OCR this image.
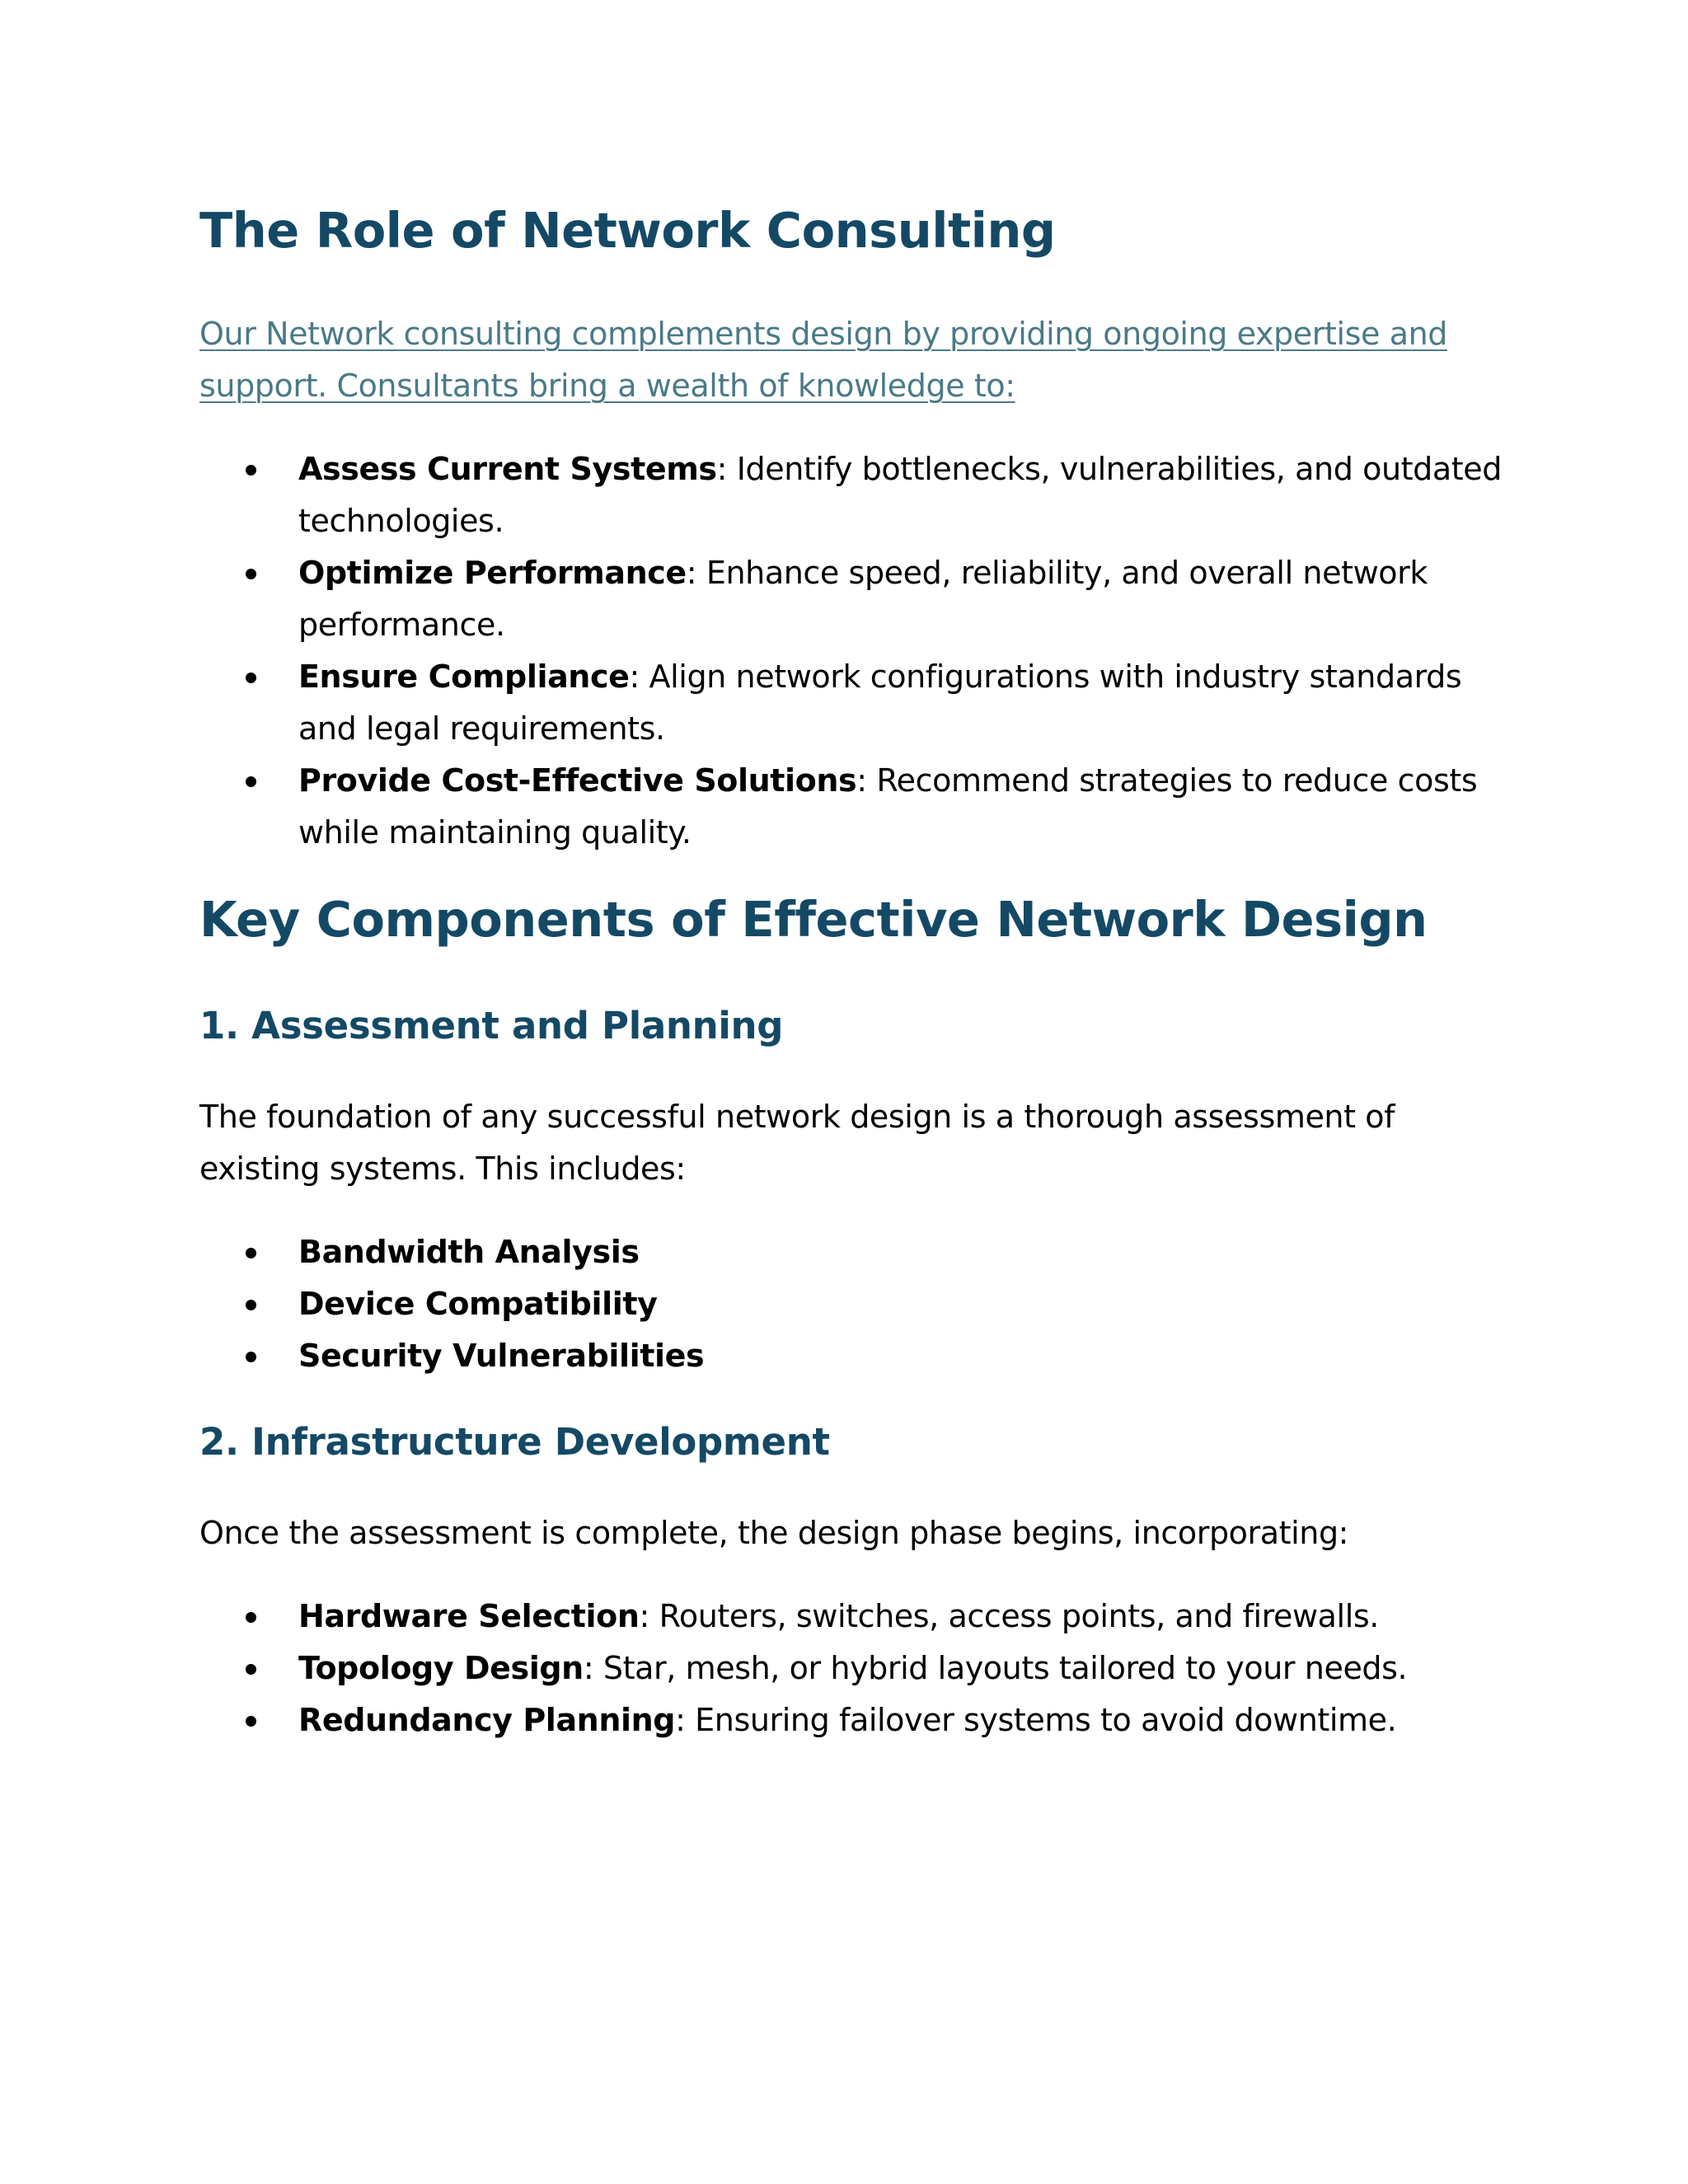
The Role of Network Consulting

Our Network consulting complements design by providing ongoing expertise and support. Consultants bring a wealth of knowledge to:

Assess Current Systems: Identify bottlenecks, vulnerabilities, and outdated technologies.
Optimize Performance: Enhance speed, reliability, and overall network performance.
Ensure Compliance: Align network configurations with industry standards and legal requirements.
Provide Cost-Effective Solutions: Recommend strategies to reduce costs while maintaining quality.
Key Components of Effective Network Design
1. Assessment and Planning

The foundation of any successful network design is a thorough assessment of existing systems. This includes:

Bandwidth Analysis
Device Compatibility
Security Vulnerabilities
2. Infrastructure Development

Once the assessment is complete, the design phase begins, incorporating:

Hardware Selection: Routers, switches, access points, and firewalls.
Topology Design: Star, mesh, or hybrid layouts tailored to your needs.
Redundancy Planning: Ensuring failover systems to avoid downtime.
